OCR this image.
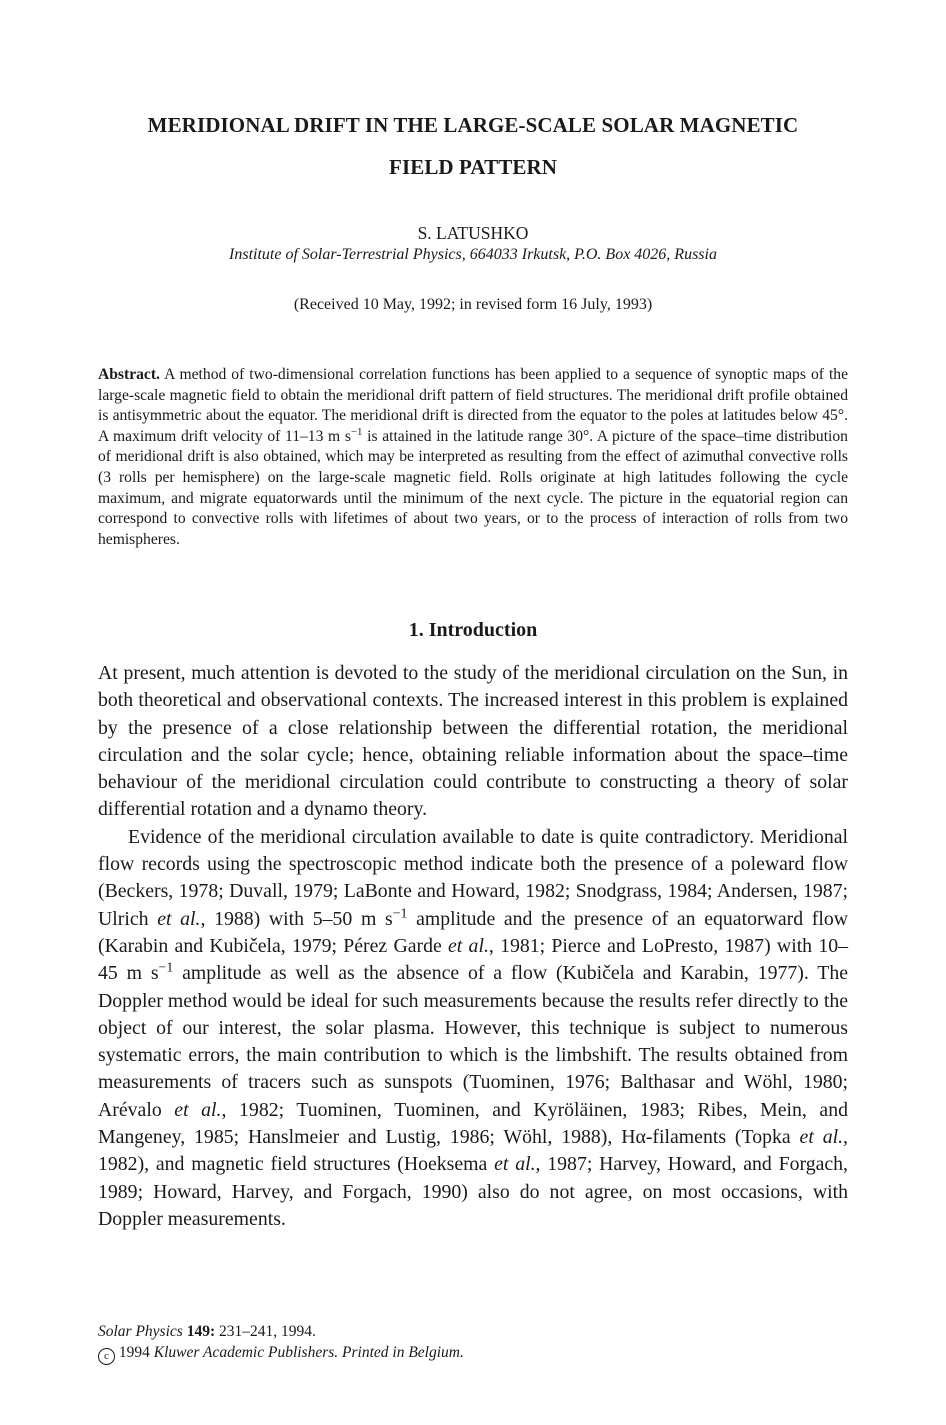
MERIDIONAL DRIFT IN THE LARGE-SCALE SOLAR MAGNETIC
FIELD PATTERN
S. LATUSHKO
Institute of Solar-Terrestrial Physics, 664033 Irkutsk, P.O. Box 4026, Russia
(Received 10 May, 1992; in revised form 16 July, 1993)
Abstract. A method of two-dimensional correlation functions has been applied to a sequence of synoptic maps of the large-scale magnetic field to obtain the meridional drift pattern of field structures. The meridional drift profile obtained is antisymmetric about the equator. The meridional drift is directed from the equator to the poles at latitudes below 45°. A maximum drift velocity of 11–13 m $s^{-1}$ is attained in the latitude range 30°. A picture of the space–time distribution of meridional drift is also obtained, which may be interpreted as resulting from the effect of azimuthal convective rolls (3 rolls per hemisphere) on the large-scale magnetic field. Rolls originate at high latitudes following the cycle maximum, and migrate equatorwards until the minimum of the next cycle. The picture in the equatorial region can correspond to convective rolls with lifetimes of about two years, or to the process of interaction of rolls from two hemispheres.
1. Introduction

At present, much attention is devoted to the study of the meridional circulation on the Sun, in both theoretical and observational contexts. The increased interest in this problem is explained by the presence of a close relationship between the differential rotation, the meridional circulation and the solar cycle; hence, obtaining reliable information about the space–time behaviour of the meridional circulation could contribute to constructing a theory of solar differential rotation and a dynamo theory.

Evidence of the meridional circulation available to date is quite contradictory. Meridional flow records using the spectroscopic method indicate both the presence of a poleward flow (Beckers, 1978; Duvall, 1979; LaBonte and Howard, 1982; Snodgrass, 1984; Andersen, 1987; Ulrich et al., 1988) with 5–50 m $s^{-1}$ amplitude and the presence of an equatorward flow (Karabin and Kubičela, 1979; Pérez Garde et al., 1981; Pierce and LoPresto, 1987) with 10–45 m $s^{-1}$ amplitude as well as the absence of a flow (Kubičela and Karabin, 1977). The Doppler method would be ideal for such measurements because the results refer directly to the object of our interest, the solar plasma. However, this technique is subject to numerous systematic errors, the main contribution to which is the limbshift. The results obtained from measurements of tracers such as sunspots (Tuominen, 1976; Balthasar and Wöhl, 1980; Arévalo et al., 1982; Tuominen, Tuominen, and Kyröläinen, 1983; Ribes, Mein, and Mangeney, 1985; Hanslmeier and Lustig, 1986; Wöhl, 1988), Hα-filaments (Topka et al., 1982), and magnetic field structures (Hoeksema et al., 1987; Harvey, Howard, and Forgach, 1989; Howard, Harvey, and Forgach, 1990) also do not agree, on most occasions, with Doppler measurements.

Solar Physics 149: 231–241, 1994.
c 1994 Kluwer Academic Publishers. Printed in Belgium.
